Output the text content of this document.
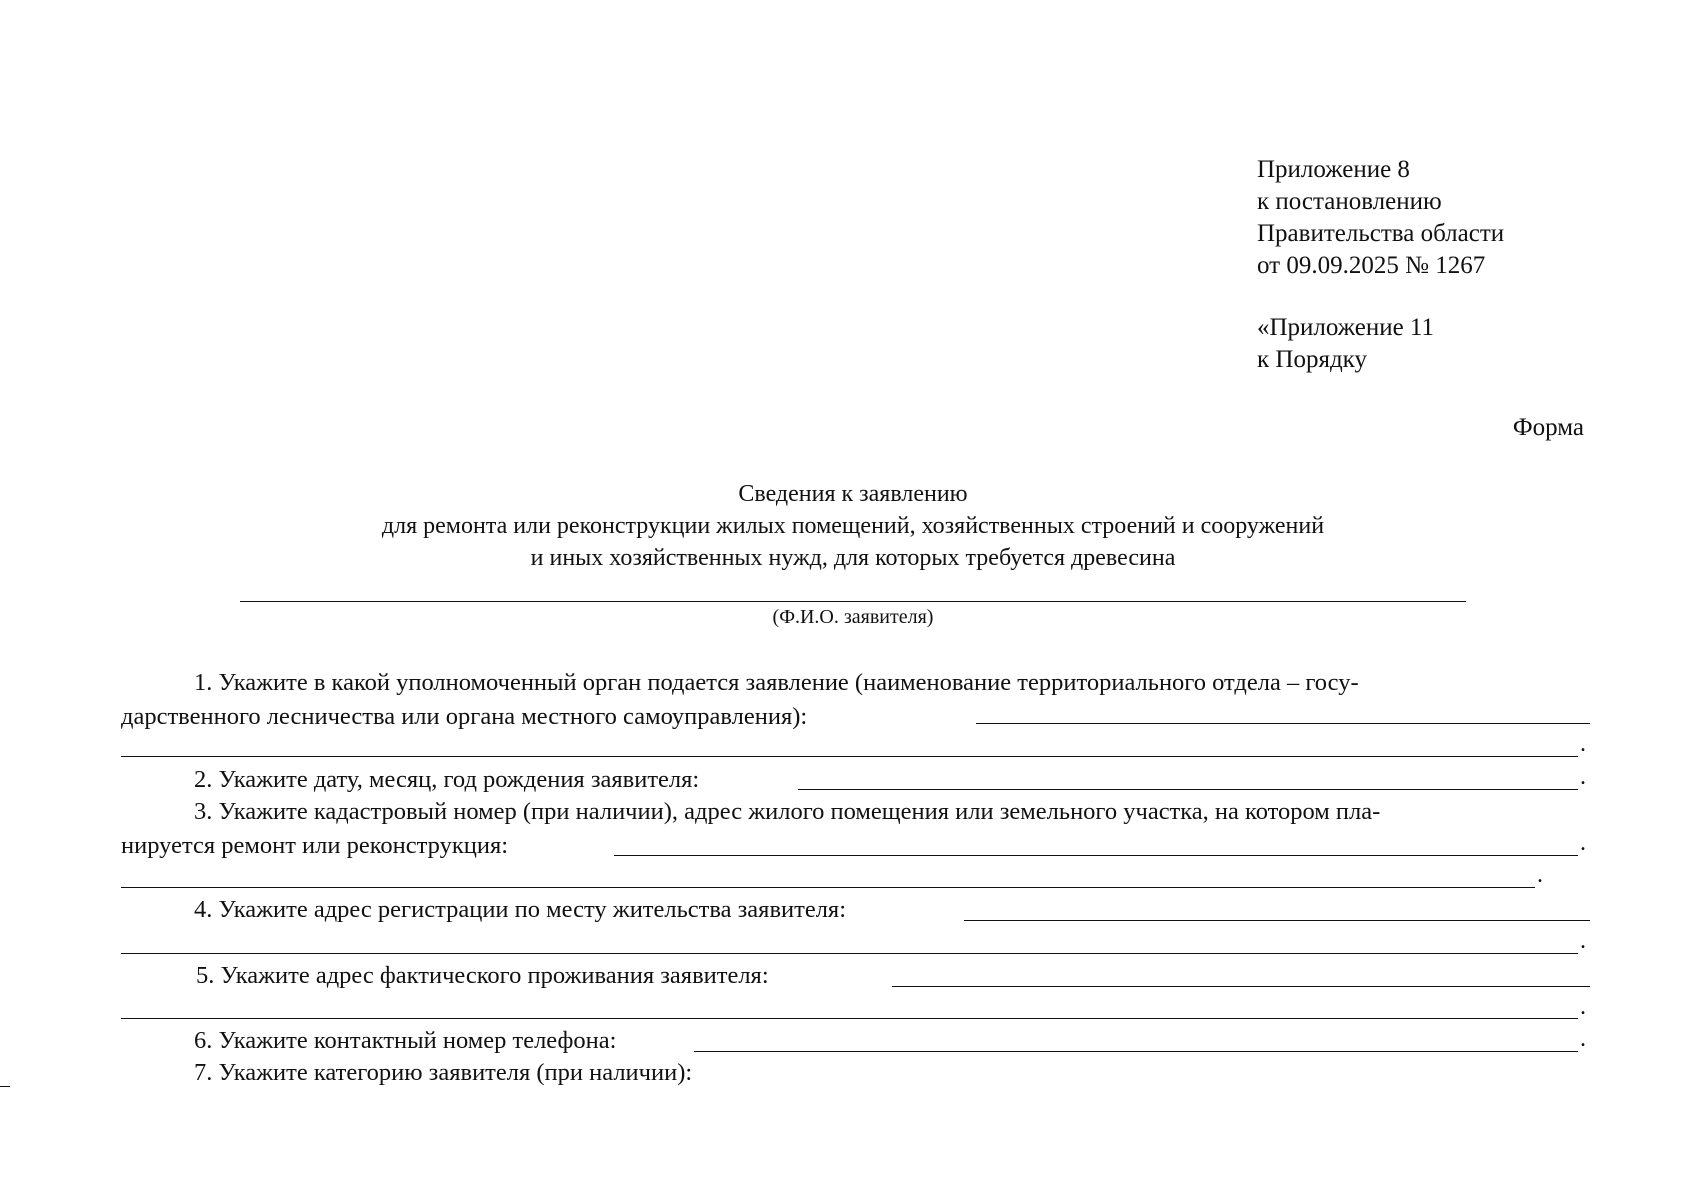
Приложение 8
к постановлению
Правительства области
от 09.09.2025 № 1267
«Приложение 11
к Порядку
Форма
Сведения к заявлению
для ремонта или реконструкции жилых помещений, хозяйственных строений и сооружений
и иных хозяйственных нужд, для которых требуется древесина
(Ф.И.О. заявителя)
1. Укажите в какой уполномоченный орган подается заявление (наименование территориального отдела – госу-
дарственного лесничества или органа местного самоуправления):
.
2. Укажите дату, месяц, год рождения заявителя:	.
3. Укажите кадастровый номер (при наличии), адрес жилого помещения или земельного участка, на котором пла-
нируется ремонт или реконструкция:	.
.
4. Укажите адрес регистрации по месту жительства заявителя:
.
5. Укажите адрес фактического проживания заявителя:
.
6. Укажите контактный номер телефона:	.
7. Укажите категорию заявителя (при наличии):
